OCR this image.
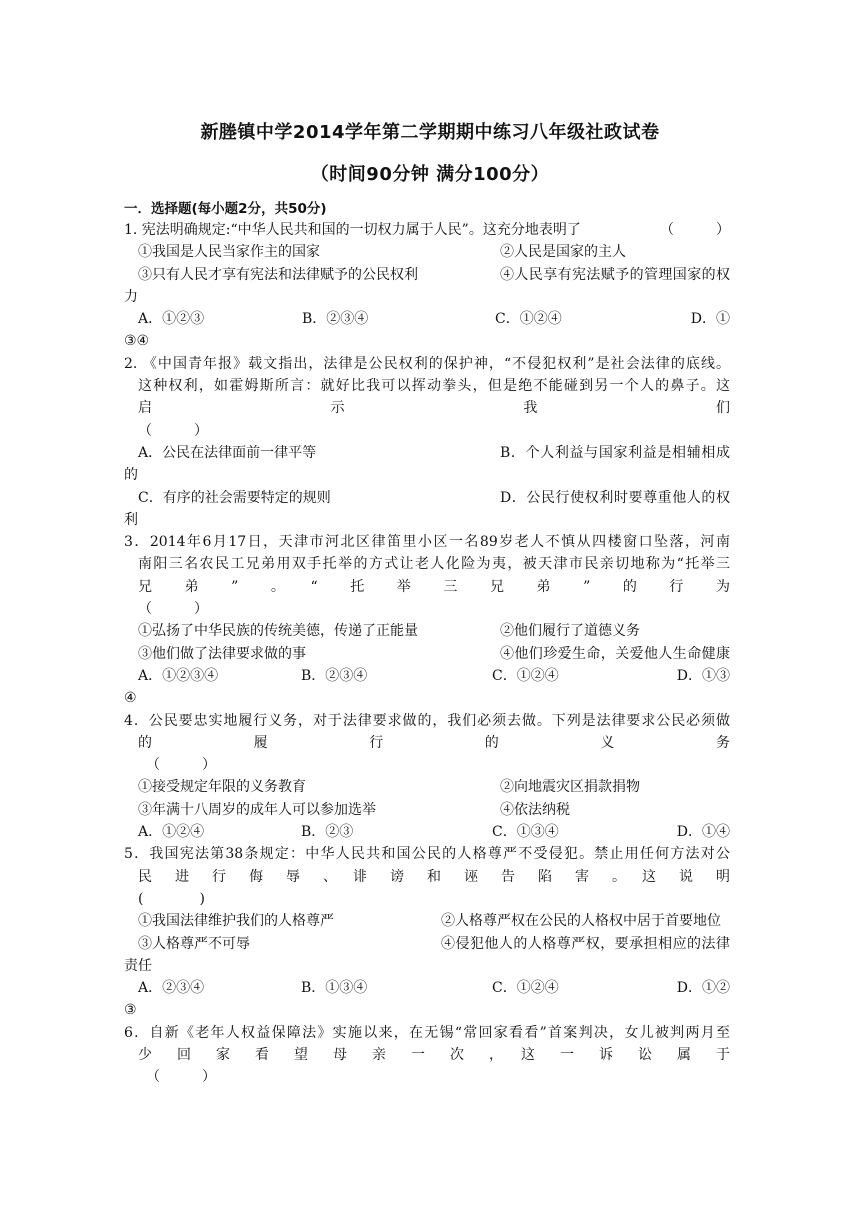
新塍镇中学2014学年第二学期期中练习八年级社政试卷
（时间90分钟 满分100分）
一．选择题(每小题2分，共50分)
1. 宪法明确规定:“中华人民共和国的一切权力属于人民”。这充分地表明了	（　　　）
①我国是人民当家作主的国家	②人民是国家的主人
③只有人民才享有宪法和法律赋予的公民权利	④人民享有宪法赋予的管理国家的权
力
A．①②③	B．②③④	C．①②④	D．①
③④
2. 《中国青年报》载文指出，法律是公民权利的保护神，“不侵犯权利”是社会法律的底线。
这种权利，如霍姆斯所言：就好比我可以挥动拳头，但是绝不能碰到另一个人的鼻子。这
启　　　　　　示　　　　　　我　　　　　　们
（　　　）
A．公民在法律面前一律平等	B．个人利益与国家利益是相辅相成
的
C．有序的社会需要特定的规则	D．公民行使权利时要尊重他人的权
利
3．2014年6月17日，天津市河北区律笛里小区一名89岁老人不慎从四楼窗口坠落，河南
南阳三名农民工兄弟用双手托举的方式让老人化险为夷，被天津市民亲切地称为“托举三
兄　弟　”　。　“　托　举　三　兄　弟　”　的　行　为
（　　　）
①弘扬了中华民族的传统美德，传递了正能量	②他们履行了道德义务
③他们做了法律要求做的事	④他们珍爱生命，关爱他人生命健康
A．①②③④	B．②③④	C．①②④	D．①③
④
4．公民要忠实地履行义务，对于法律要求做的，我们必须去做。下列是法律要求公民必须做
的　　　　履　　　　行　　　　的　　　　义　　　　务
（　　　）
①接受规定年限的义务教育	②向地震灾区捐款捐物
③年满十八周岁的成年人可以参加选举	④依法纳税
A．①②④	B．②③	C．①③④	D．①④
5．我国宪法第38条规定：中华人民共和国公民的人格尊严不受侵犯。禁止用任何方法对公
民　进　行　侮　辱　、　诽　谤　和　诬　告　陷　害　。　这　说　明
(　　　　)
①我国法律维护我们的人格尊严	②人格尊严权在公民的人格权中居于首要地位
③人格尊严不可辱	④侵犯他人的人格尊严权，要承担相应的法律
责任
A．②③④	B．①③④	C．①②④	D．①②
③
6．自新《老年人权益保障法》实施以来，在无锡“常回家看看”首案判决，女儿被判两月至
少　回　家　看　望　母　亲　一　次　，　这　一　诉　讼　属　于
（　　　）
